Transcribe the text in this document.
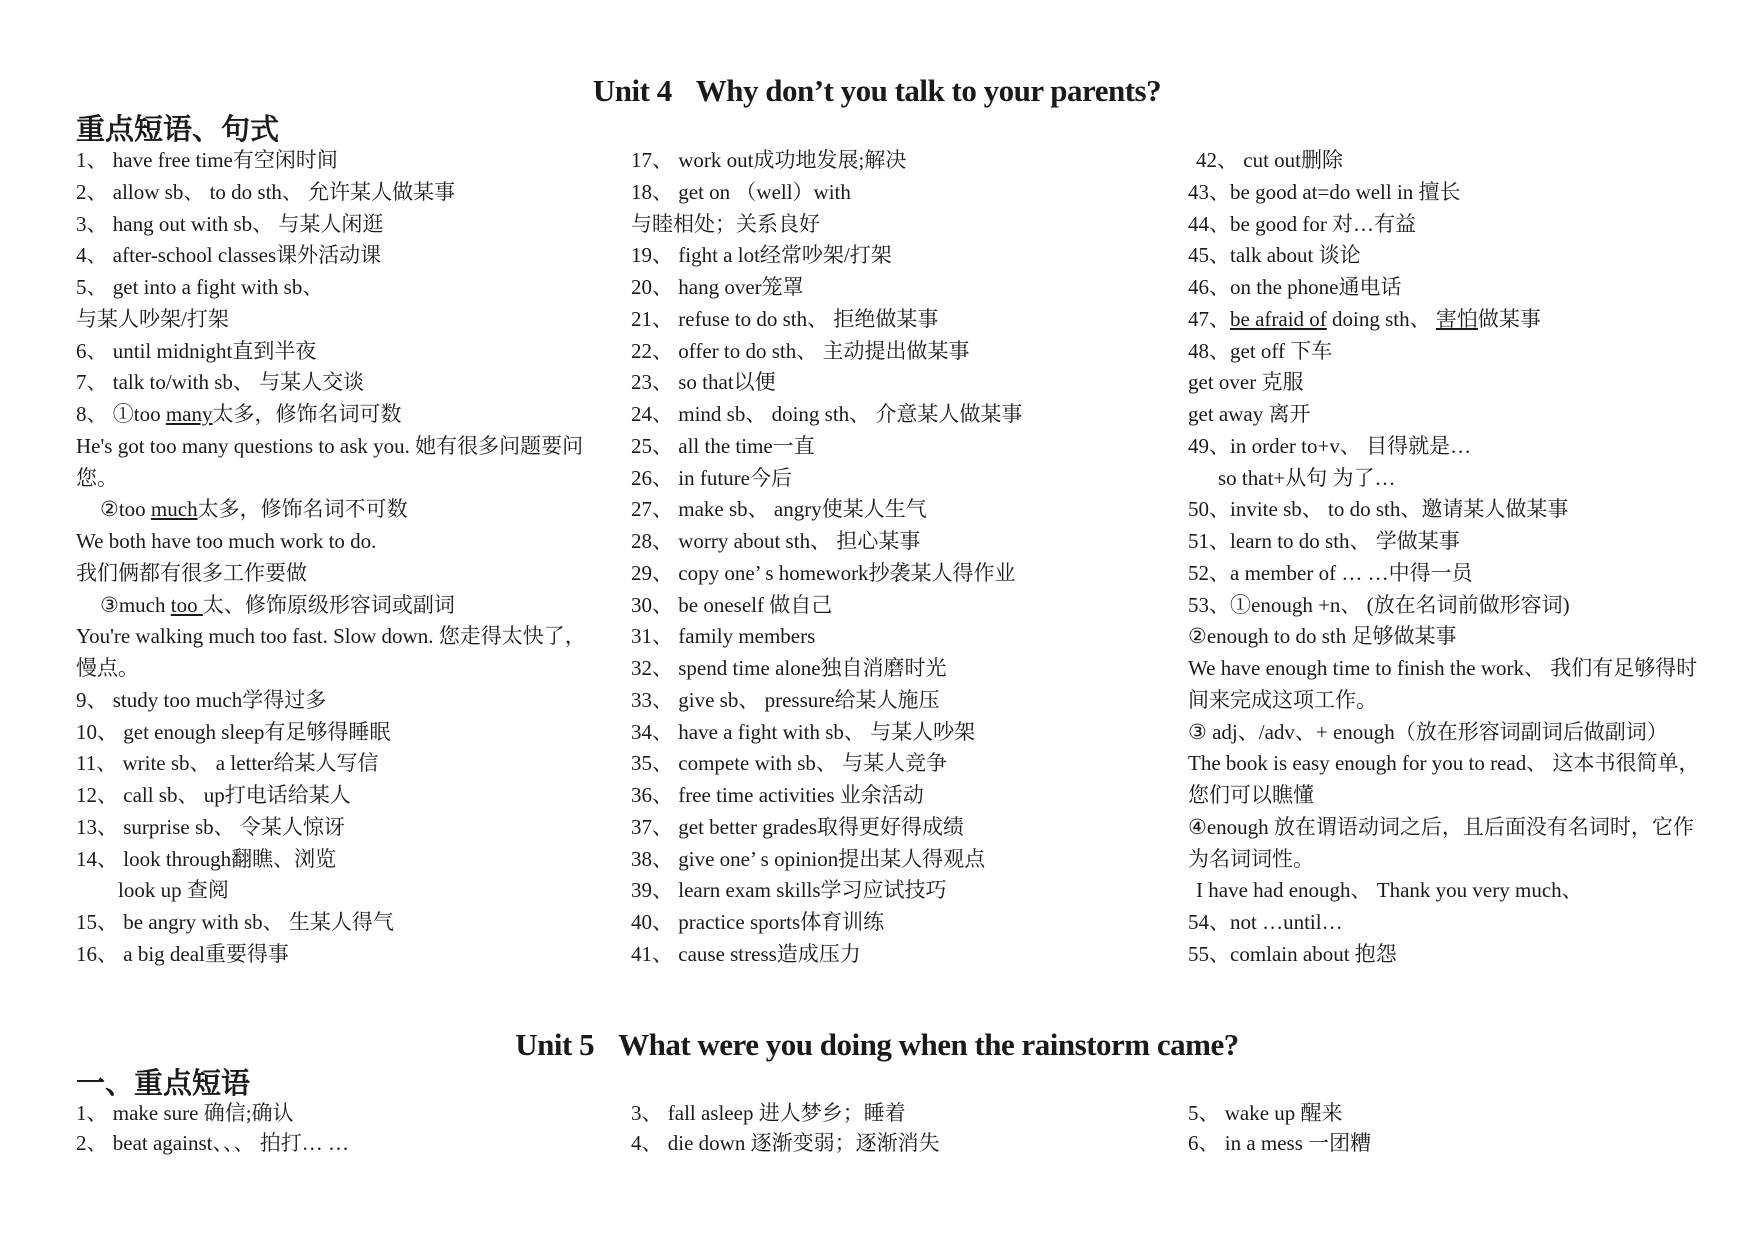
Unit 4 Why don’t you talk to your parents?
重点短语、句式

1、 have free time有空闲时间

2、 allow sb、 to do sth、 允许某人做某事

3、 hang out with sb、 与某人闲逛

4、 after-school classes课外活动课

5、 get into a fight with sb、

与某人吵架/打架

6、 until midnight直到半夜

7、 talk to/with sb、 与某人交谈

8、 ①too many太多，修饰名词可数

He's got too many questions to ask you. 她有很多问题要问您。

②too much太多，修饰名词不可数

We both have too much work to do.

我们俩都有很多工作要做

③much too 太、修饰原级形容词或副词

You're walking much too fast. Slow down. 您走得太快了，慢点。

9、 study too much学得过多

10、 get enough sleep有足够得睡眠

11、 write sb、 a letter给某人写信

12、 call sb、 up打电话给某人

13、 surprise sb、 令某人惊讶

14、 look through翻瞧、浏览

look up 查阅

15、 be angry with sb、 生某人得气

16、 a big deal重要得事

17、 work out成功地发展;解决

18、 get on （well）with

与睦相处；关系良好

19、 fight a lot经常吵架/打架

20、 hang over笼罩

21、 refuse to do sth、 拒绝做某事

22、 offer to do sth、 主动提出做某事

23、 so that以便

24、 mind sb、 doing sth、 介意某人做某事

25、 all the time一直

26、 in future今后

27、 make sb、 angry使某人生气

28、 worry about sth、 担心某事

29、 copy one’ s homework抄袭某人得作业

30、 be oneself 做自己

31、 family members

32、 spend time alone独自消磨时光

33、 give sb、 pressure给某人施压

34、 have a fight with sb、 与某人吵架

35、 compete with sb、 与某人竞争

36、 free time activities 业余活动

37、 get better grades取得更好得成绩

38、 give one’ s opinion提出某人得观点

39、 learn exam skills学习应试技巧

40、 practice sports体育训练

41、 cause stress造成压力

42、 cut out删除

43、be good at=do well in 擅长

44、be good for 对…有益

45、talk about 谈论

46、on the phone通电话

47、be afraid of doing sth、 害怕做某事

48、get off 下车

get over 克服

get away 离开

49、in order to+v、 目得就是…

so that+从句 为了…

50、invite sb、 to do sth、邀请某人做某事

51、learn to do sth、 学做某事

52、a member of … …中得一员

53、①enough +n、 (放在名词前做形容词)

②enough to do sth 足够做某事

We have enough time to finish the work、 我们有足够得时间来完成这项工作。

③ adj、/adv、+ enough（放在形容词副词后做副词）

The book is easy enough for you to read、 这本书很简单，您们可以瞧懂

④enough 放在谓语动词之后，且后面没有名词时，它作为名词词性。

I have had enough、 Thank you very much、

54、not …until…

55、comlain about 抱怨

Unit 5 What were you doing when the rainstorm came?
一、重点短语

1、 make sure 确信;确认

2、 beat against、、、 拍打… …

3、 fall asleep 进人梦乡；睡着

4、 die down 逐渐变弱；逐渐消失

5、 wake up 醒来

6、 in a mess 一团糟
